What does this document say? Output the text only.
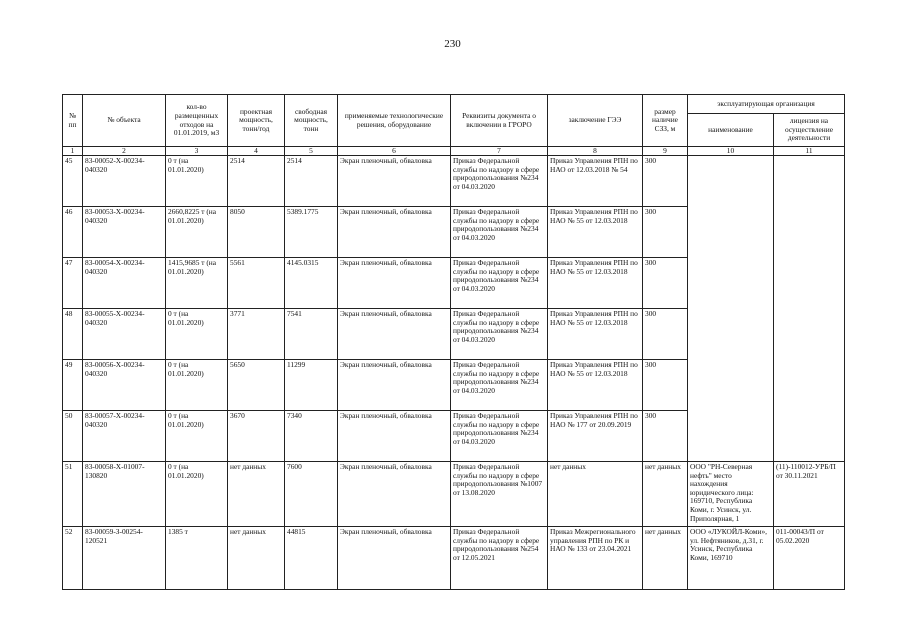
230
№ пп	№ объекта	кол-во размещенных отходов на 01.01.2019, м3	проектная мощность, тонн/год	свободная мощность, тонн	применяемые технологические решения, оборудование	Реквизиты документа о включении в ГРОРО	заключение ГЭЭ	размер наличие СЗЗ, м	эксплуатирующая организация	
									наименование	лицензия на осуществление деятельности
1	2	3	4	5	6	7	8	9	10	11
45	83-00052-Х-00234-040320	0 т (на 01.01.2020)	2514	2514	Экран пленочный, обваловка	Приказ Федеральной службы по надзору в сфере природопользования №234 от 04.03.2020	Приказ Управления РПН по НАО от 12.03.2018 № 54	300		
46	83-00053-Х-00234-040320	2660,8225 т (на 01.01.2020)	8050	5389.1775	Экран пленочный, обваловка	Приказ Федеральной службы по надзору в сфере природопользования №234 от 04.03.2020	Приказ Управления РПН по НАО № 55 от 12.03.2018	300		
47	83-00054-Х-00234-040320	1415,9685 т (на 01.01.2020)	5561	4145.0315	Экран пленочный, обваловка	Приказ Федеральной службы по надзору в сфере природопользования №234 от 04.03.2020	Приказ Управления РПН по НАО № 55 от 12.03.2018	300		
48	83-00055-Х-00234-040320	0 т (на 01.01.2020)	3771	7541	Экран пленочный, обваловка	Приказ Федеральной службы по надзору в сфере природопользования №234 от 04.03.2020	Приказ Управления РПН по НАО № 55 от 12.03.2018	300		
49	83-00056-Х-00234-040320	0 т (на 01.01.2020)	5650	11299	Экран пленочный, обваловка	Приказ Федеральной службы по надзору в сфере природопользования №234 от 04.03.2020	Приказ Управления РПН по НАО № 55 от 12.03.2018	300		
50	83-00057-Х-00234-040320	0 т (на 01.01.2020)	3670	7340	Экран пленочный, обваловка	Приказ Федеральной службы по надзору в сфере природопользования №234 от 04.03.2020	Приказ Управления РПН по НАО № 177 от 20.09.2019	300		
51	83-00058-Х-01007-130820	0 т (на 01.01.2020)	нет данных	7600	Экран пленочный, обваловка	Приказ Федеральной службы по надзору в сфере природопользования №1007 от 13.08.2020	нет данных	нет данных	ООО "РН-Северная нефть" место нахождения юридического лица: 169710, Республика Коми, г. Усинск, ул. Приполярная, 1	(11)-110012-УРБ/П от 30.11.2021
52	83-00059-З-00254-120521	1385 т	нет данных	44815	Экран пленочный, обваловка	Приказ Федеральной службы по надзору в сфере природопользования №254 от 12.05.2021	Приказ Межрегионального управления РПН по РК и НАО № 133 от 23.04.2021	нет данных	ООО «ЛУКОЙЛ-Коми», ул. Нефтяников, д.31, г. Усинск, Республика Коми, 169710	011-00043/П от 05.02.2020
